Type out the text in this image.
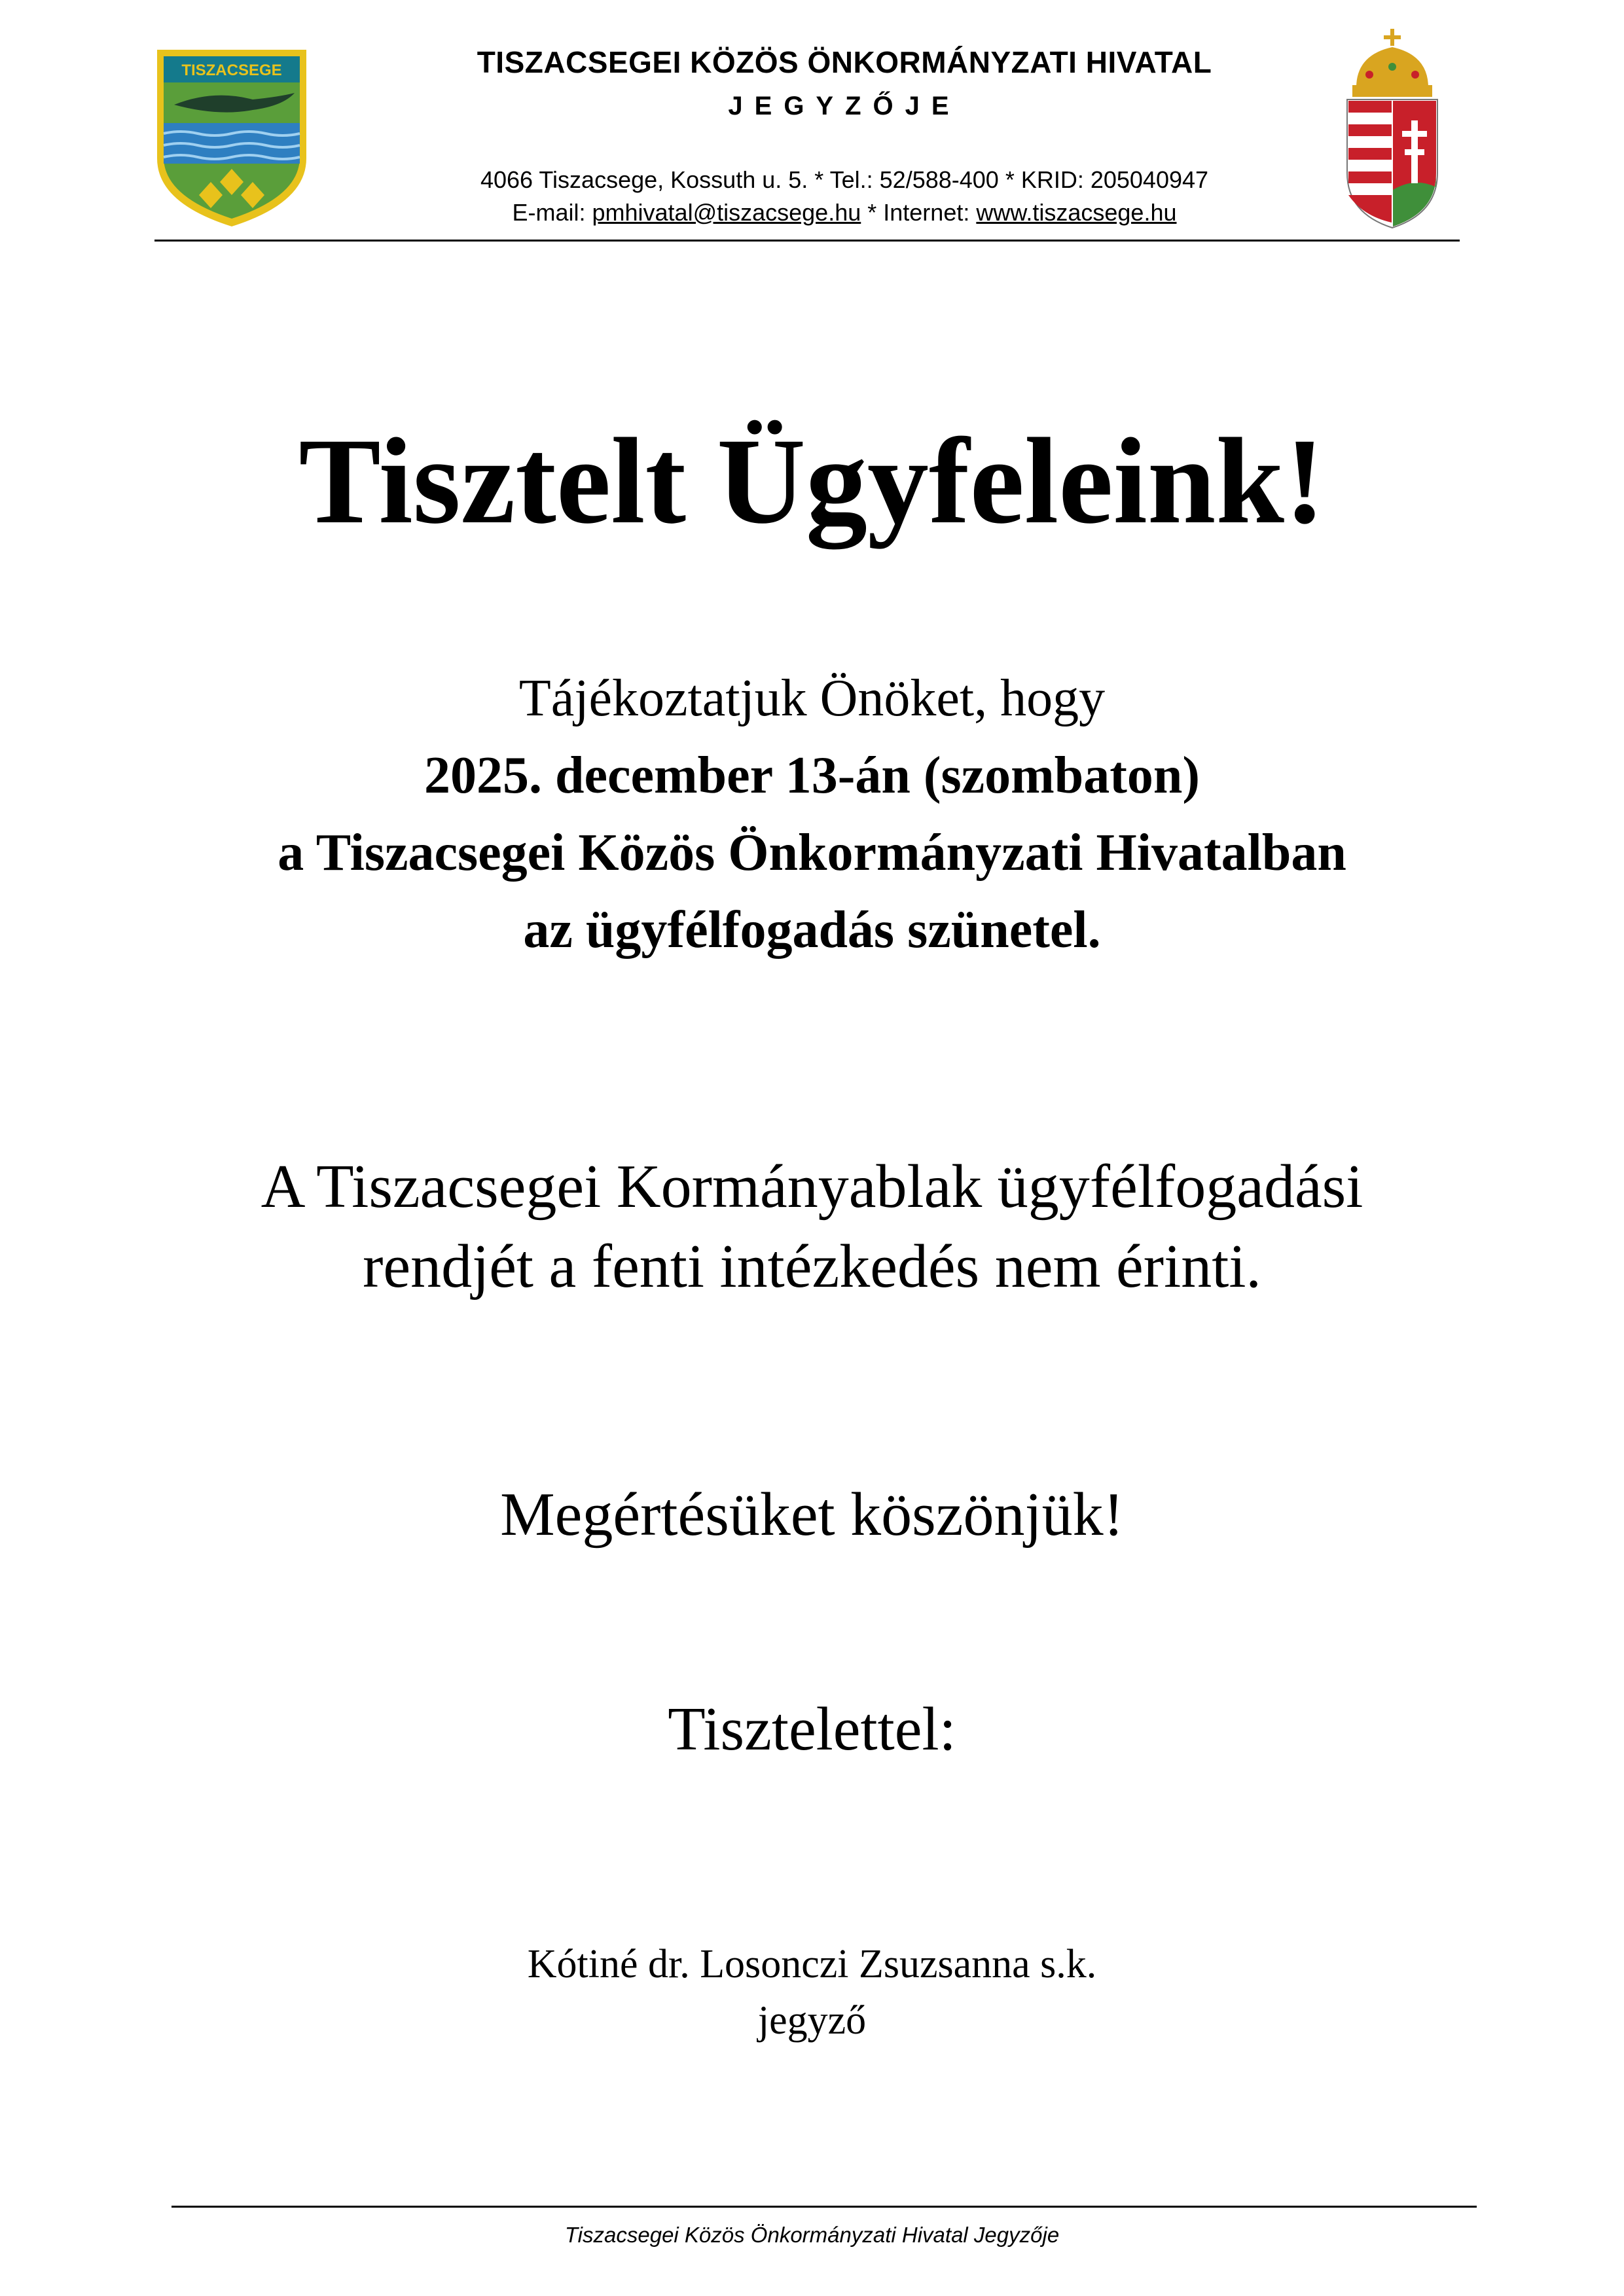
TISZACSEGE	TISZACSEGEI KÖZÖS ÖNKORMÁNYZATI HIVATAL
JEGYZŐJE
4066 Tiszacsege, Kossuth u. 5. * Tel.: 52/588-400 * KRID: 205040947
E-mail: pmhivatal@tiszacsege.hu * Internet: www.tiszacsege.hu
Tisztelt Ügyfeleink!
Tájékoztatjuk Önöket, hogy
2025. december 13-án (szombaton)
a Tiszacsegei Közös Önkormányzati Hivatalban
az ügyfélfogadás szünetel.
A Tiszacsegei Kormányablak ügyfélfogadási
rendjét a fenti intézkedés nem érinti.
Megértésüket köszönjük!
Tisztelettel:
Kótiné dr. Losonczi Zsuzsanna s.k.
jegyző
Tiszacsegei Közös Önkormányzati Hivatal Jegyzője
